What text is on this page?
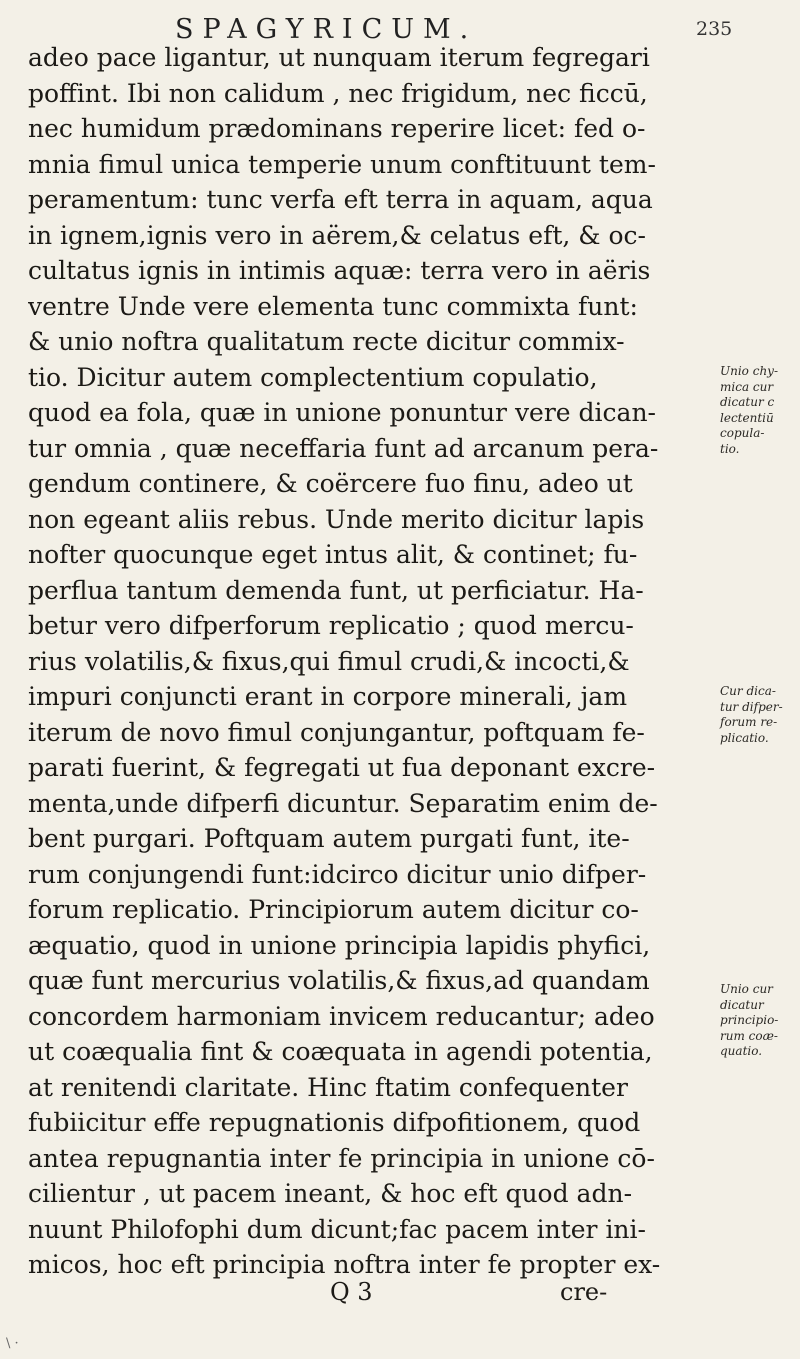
SPAGYRICUM.	235
adeo pace ligantur, ut nunquam iterum fegregari
poffint. Ibi non calidum , nec frigidum, nec ficcū,
nec humidum prædominans reperire licet: fed o-
mnia fimul unica temperie unum conftituunt tem-
peramentum: tunc verfa eft terra in aquam, aqua
in ignem,ignis vero in aërem,& celatus eft, & oc-
cultatus ignis in intimis aquæ: terra vero in aëris
ventre Unde vere elementa tunc commixta funt:
& unio noftra qualitatum recte dicitur commix-
tio. Dicitur autem complectentium copulatio,
quod ea fola, quæ in unione ponuntur vere dican-
tur omnia , quæ neceffaria funt ad arcanum pera-
gendum continere, & coërcere fuo finu, adeo ut
non egeant aliis rebus. Unde merito dicitur lapis
nofter quocunque eget intus alit, & continet; fu-
perflua tantum demenda funt, ut perficiatur. Ha-
betur vero difperforum replicatio ; quod mercu-
rius volatilis,& fixus,qui fimul crudi,& incocti,&
impuri conjuncti erant in corpore minerali, jam
iterum de novo fimul conjungantur, poftquam fe-
parati fuerint, & fegregati ut fua deponant excre-
menta,unde difperfi dicuntur. Separatim enim de-
bent purgari. Poftquam autem purgati funt, ite-
rum conjungendi funt:idcirco dicitur unio difper-
forum replicatio. Principiorum autem dicitur co-
æquatio, quod in unione principia lapidis phyfici,
quæ funt mercurius volatilis,& fixus,ad quandam
concordem harmoniam invicem reducantur; adeo
ut coæqualia fint & coæquata in agendi potentia,
at renitendi claritate. Hinc ftatim confequenter
fubiicitur effe repugnationis difpofitionem, quod
antea repugnantia inter fe principia in unione cō-
cilientur , ut pacem ineant, & hoc eft quod adn-
nuunt Philofophi dum dicunt;fac pacem inter ini-
micos, hoc eft principia noftra inter fe propter ex-
Unio chy-
mica cur
dicatur c
lectentiū
copula-
tio.
Cur dica-
tur difper-
forum re-
plicatio.
Unio cur
dicatur
principio-
rum coæ-
quatio.
Q 3	cre-
\ ·
